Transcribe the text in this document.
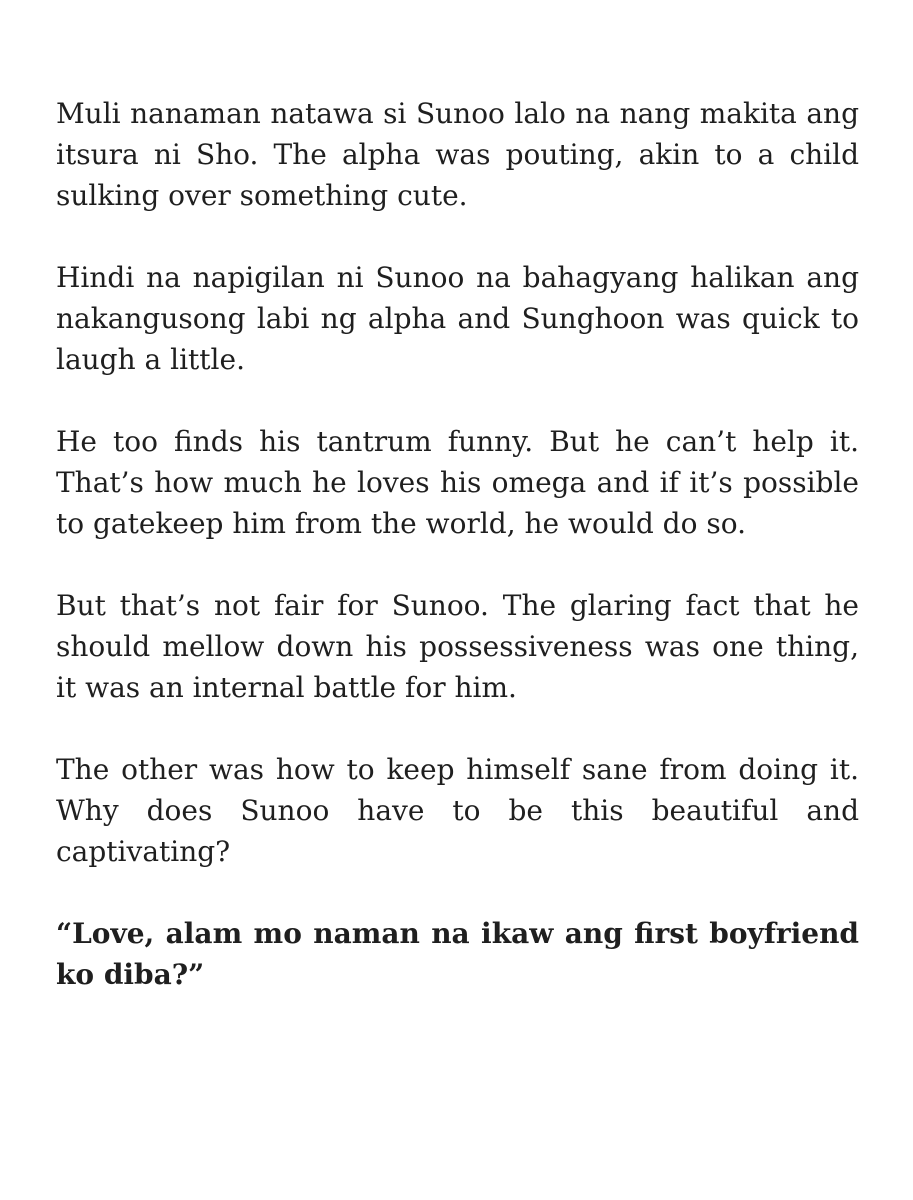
Muli nanaman natawa si Sunoo lalo na nang makita ang itsura ni Sho. The alpha was pouting, akin to a child sulking over something cute.

Hindi na napigilan ni Sunoo na bahagyang halikan ang nakangusong labi ng alpha and Sunghoon was quick to laugh a little.

He too finds his tantrum funny. But he can’t help it. That’s how much he loves his omega and if it’s possible to gatekeep him from the world, he would do so.

But that’s not fair for Sunoo. The glaring fact that he should mellow down his possessiveness was one thing, it was an internal battle for him.

The other was how to keep himself sane from doing it. Why does Sunoo have to be this beautiful and captivating?

“Love, alam mo naman na ikaw ang first boyfriend ko diba?”
